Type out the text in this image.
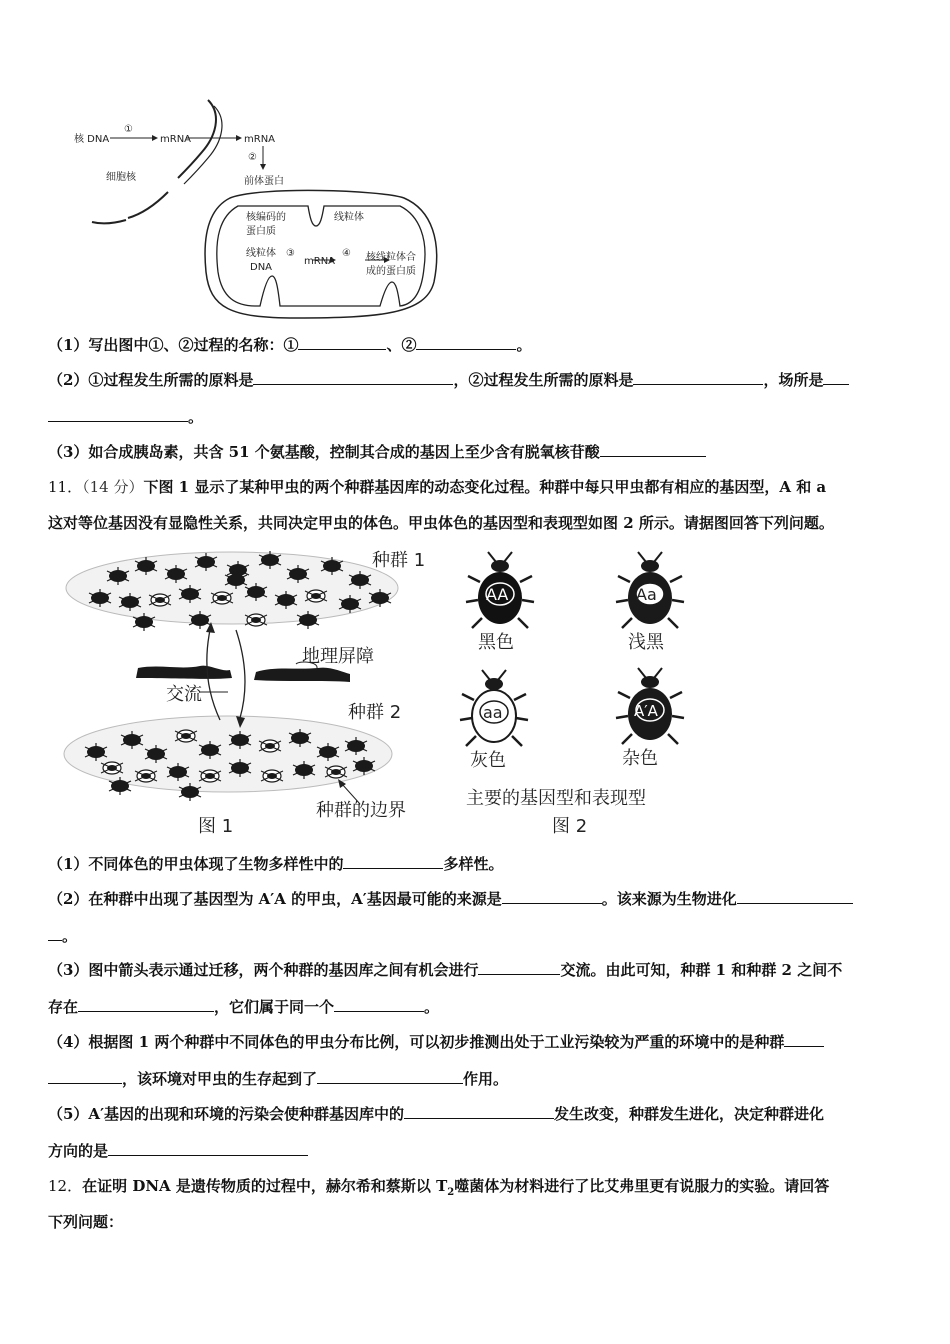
核 DNA
①
mRNA	mRNA
②
前体蛋白
细胞核
核编码的
蛋白质
线粒体
线粒体
DNA
③
mRNA
④ 核线粒体合
成的蛋白质
（1）写出图中①、②过程的名称：①	、②	。
（2）①过程发生所需的原料是	，②过程发生所需的原料是	，场所是
。
（3）如合成胰岛素，共含 51 个氨基酸，控制其合成的基因上至少含有脱氧核苷酸
11．（14 分）下图 1 显示了某种甲虫的两个种群基因库的动态变化过程。种群中每只甲虫都有相应的基因型，A 和 a
这对等位基因没有显隐性关系，共同决定甲虫的体色。甲虫体色的基因型和表现型如图 2 所示。请据图回答下列问题。
种群 1
地理屏障
交流
种群 2
种群的边界
图 1
AA
黑色
Aa
浅黑
aa
灰色
A′A
杂色
主要的基因型和表现型
图 2
（1）不同体色的甲虫体现了生物多样性中的	多样性。
（2）在种群中出现了基因型为 A′A 的甲虫，A′基因最可能的来源是	。该来源为生物进化
。
（3）图中箭头表示通过迁移，两个种群的基因库之间有机会进行	交流。由此可知，种群 1 和种群 2 之间不
存在	，它们属于同一个	。
（4）根据图 1 两个种群中不同体色的甲虫分布比例，可以初步推测出处于工业污染较为严重的环境中的是种群
，该环境对甲虫的生存起到了	作用。
（5）A′基因的出现和环境的污染会使种群基因库中的	发生改变，种群发生进化，决定种群进化
方向的是
12．在证明 DNA 是遗传物质的过程中，赫尔希和蔡斯以 $T_2$噬菌体为材料进行了比艾弗里更有说服力的实验。请回答
下列问题：
